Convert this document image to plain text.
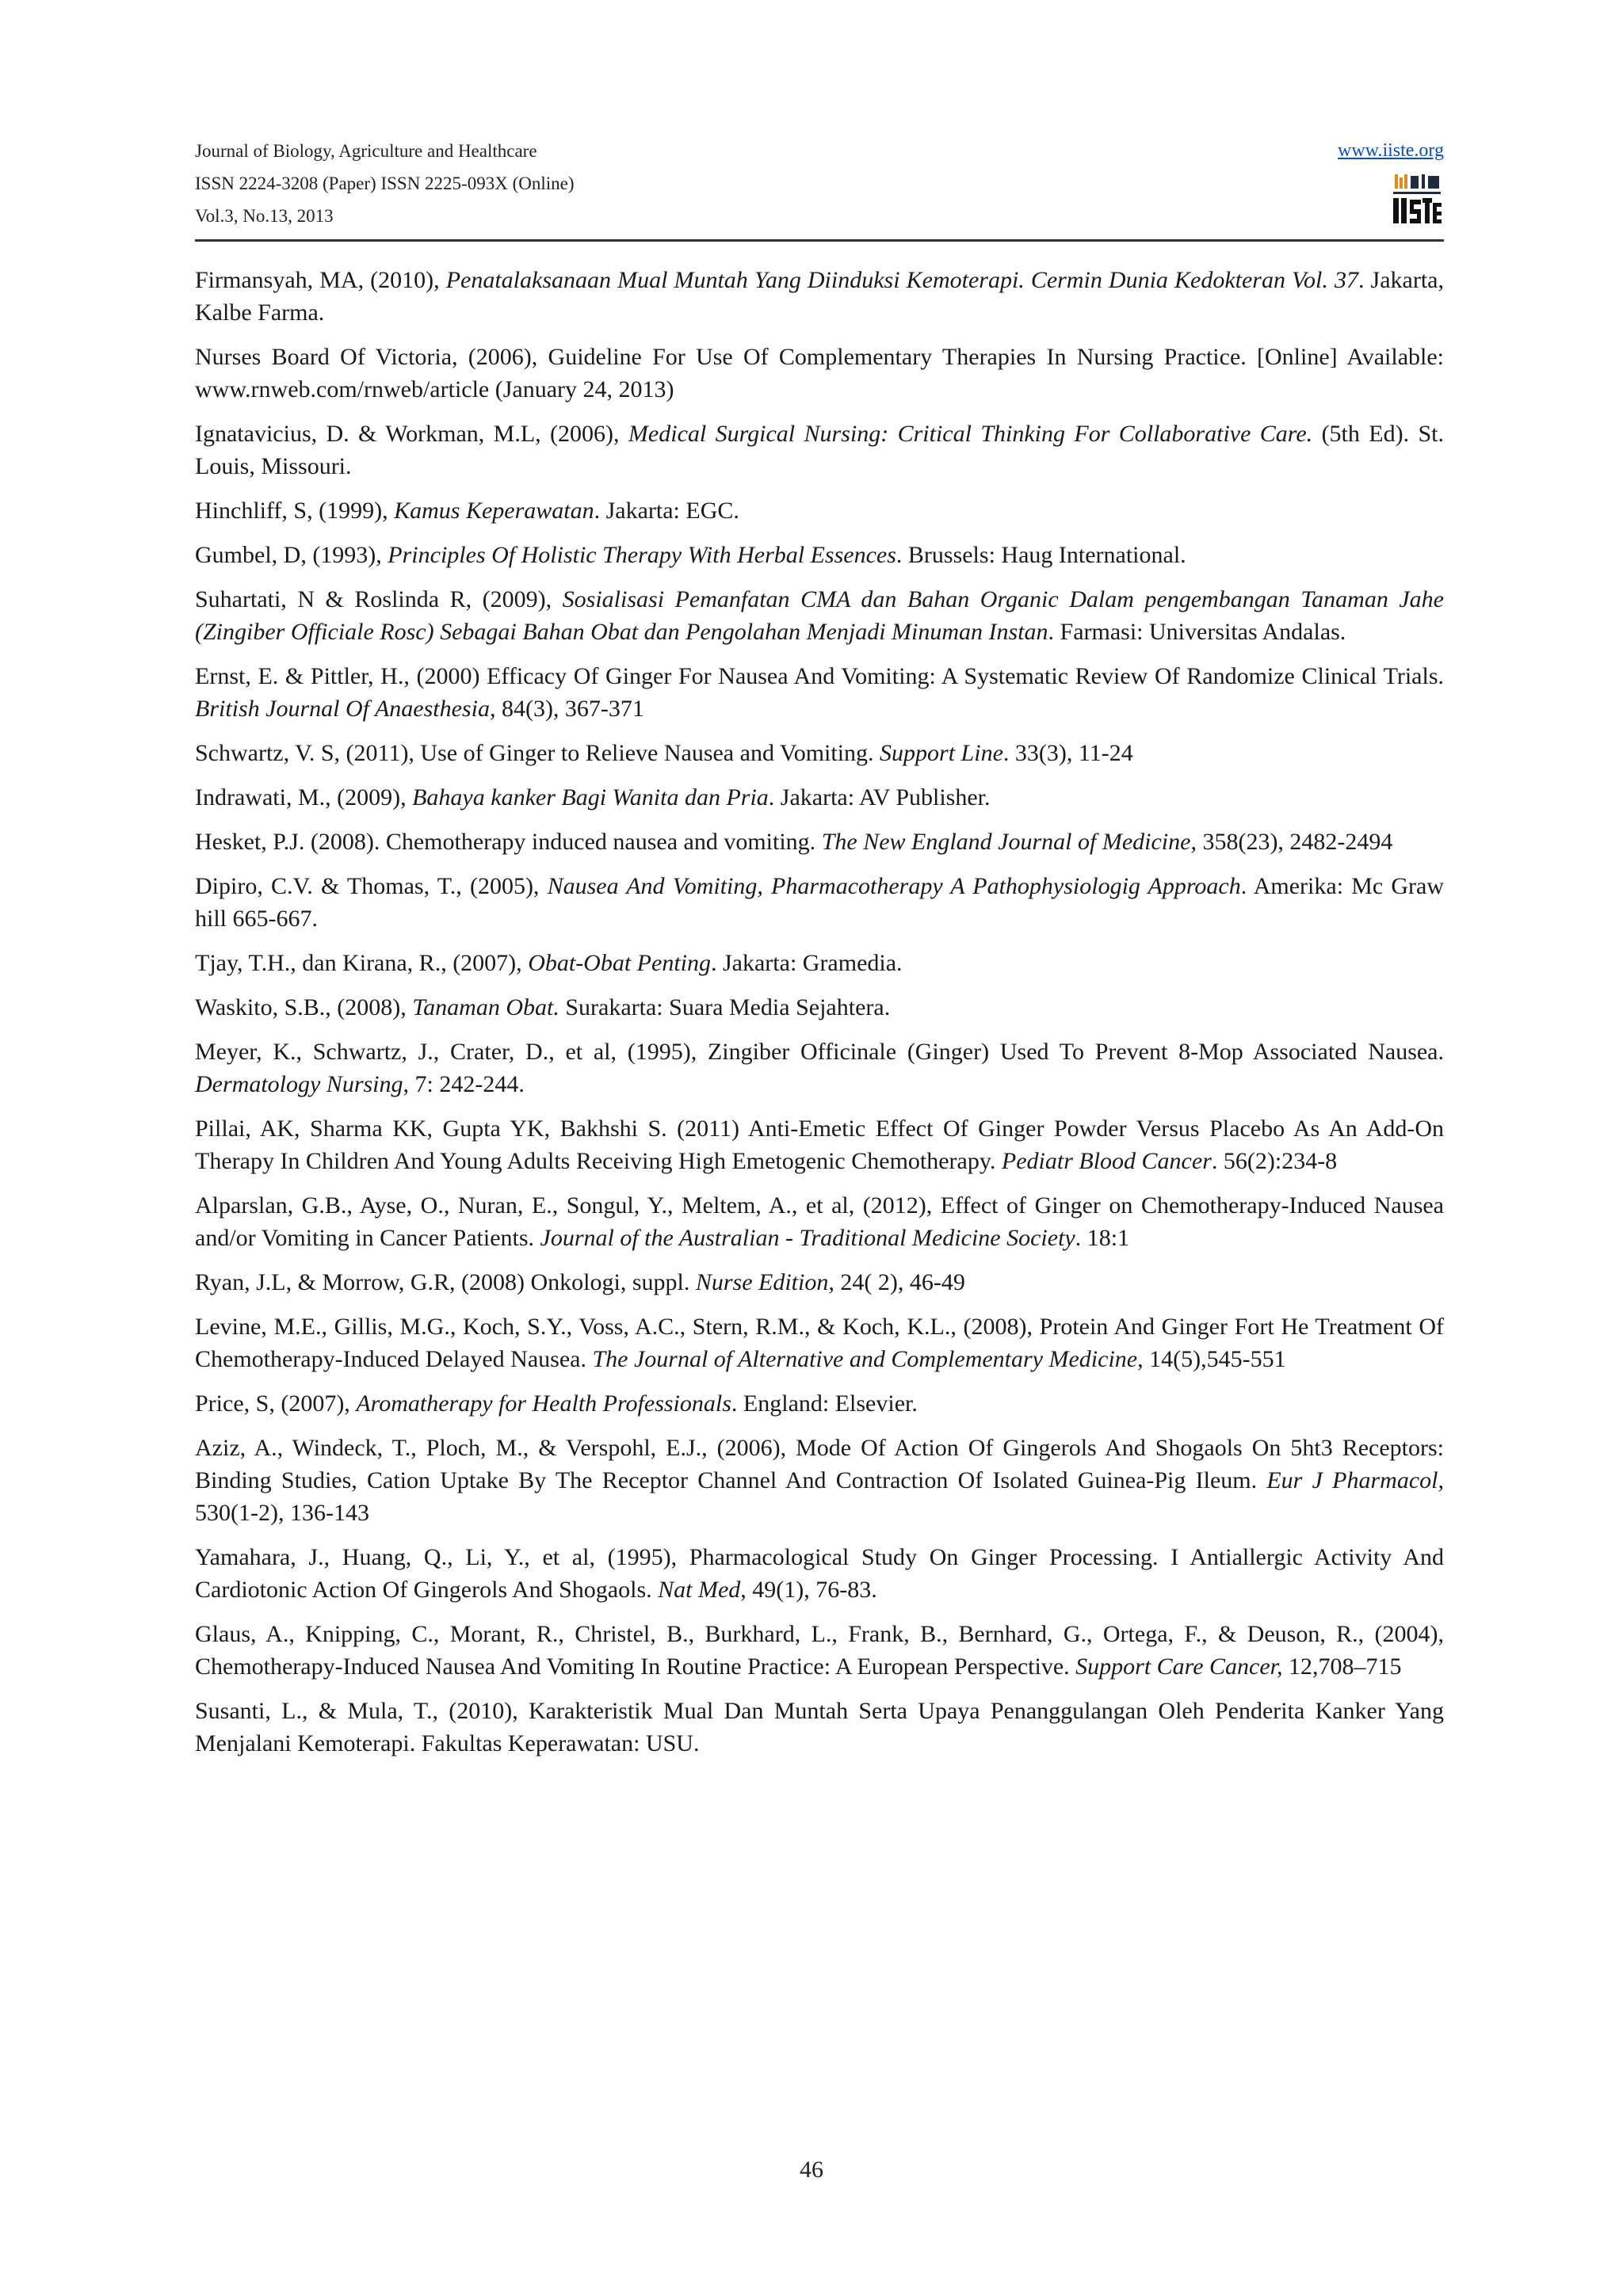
Journal of Biology, Agriculture and Healthcare
ISSN 2224-3208 (Paper) ISSN 2225-093X (Online)
Vol.3, No.13, 2013
www.iiste.org

Firmansyah, MA, (2010), Penatalaksanaan Mual Muntah Yang Diinduksi Kemoterapi. Cermin Dunia Kedokteran Vol. 37. Jakarta, Kalbe Farma.

Nurses Board Of Victoria, (2006), Guideline For Use Of Complementary Therapies In Nursing Practice. [Online] Available: www.rnweb.com/rnweb/article (January 24, 2013)

Ignatavicius, D. & Workman, M.L, (2006), Medical Surgical Nursing: Critical Thinking For Collaborative Care. (5th Ed). St. Louis, Missouri.

Hinchliff, S, (1999), Kamus Keperawatan. Jakarta: EGC.

Gumbel, D, (1993), Principles Of Holistic Therapy With Herbal Essences. Brussels: Haug International.

Suhartati, N & Roslinda R, (2009), Sosialisasi Pemanfatan CMA dan Bahan Organic Dalam pengembangan Tanaman Jahe (Zingiber Officiale Rosc) Sebagai Bahan Obat dan Pengolahan Menjadi Minuman Instan. Farmasi: Universitas Andalas.

Ernst, E. & Pittler, H., (2000) Efficacy Of Ginger For Nausea And Vomiting: A Systematic Review Of Randomize Clinical Trials. British Journal Of Anaesthesia, 84(3), 367-371

Schwartz, V. S, (2011), Use of Ginger to Relieve Nausea and Vomiting. Support Line. 33(3), 11-24

Indrawati, M., (2009), Bahaya kanker Bagi Wanita dan Pria. Jakarta: AV Publisher.

Hesket, P.J. (2008). Chemotherapy induced nausea and vomiting. The New England Journal of Medicine, 358(23), 2482-2494

Dipiro, C.V. & Thomas, T., (2005), Nausea And Vomiting, Pharmacotherapy A Pathophysiologig Approach. Amerika: Mc Graw hill 665-667.

Tjay, T.H., dan Kirana, R., (2007), Obat-Obat Penting. Jakarta: Gramedia.

Waskito, S.B., (2008), Tanaman Obat. Surakarta: Suara Media Sejahtera.

Meyer, K., Schwartz, J., Crater, D., et al, (1995), Zingiber Officinale (Ginger) Used To Prevent 8-Mop Associated Nausea. Dermatology Nursing, 7: 242-244.

Pillai, AK, Sharma KK, Gupta YK, Bakhshi S. (2011) Anti-Emetic Effect Of Ginger Powder Versus Placebo As An Add-On Therapy In Children And Young Adults Receiving High Emetogenic Chemotherapy. Pediatr Blood Cancer. 56(2):234-8

Alparslan, G.B., Ayse, O., Nuran, E., Songul, Y., Meltem, A., et al, (2012), Effect of Ginger on Chemotherapy-Induced Nausea and/or Vomiting in Cancer Patients. Journal of the Australian - Traditional Medicine Society. 18:1

Ryan, J.L, & Morrow, G.R, (2008) Onkologi, suppl. Nurse Edition, 24( 2), 46-49

Levine, M.E., Gillis, M.G., Koch, S.Y., Voss, A.C., Stern, R.M., & Koch, K.L., (2008), Protein And Ginger Fort He Treatment Of Chemotherapy-Induced Delayed Nausea. The Journal of Alternative and Complementary Medicine, 14(5),545-551

Price, S, (2007), Aromatherapy for Health Professionals. England: Elsevier.

Aziz, A., Windeck, T., Ploch, M., & Verspohl, E.J., (2006), Mode Of Action Of Gingerols And Shogaols On 5ht3 Receptors: Binding Studies, Cation Uptake By The Receptor Channel And Contraction Of Isolated Guinea-Pig Ileum. Eur J Pharmacol, 530(1-2), 136-143

Yamahara, J., Huang, Q., Li, Y., et al, (1995), Pharmacological Study On Ginger Processing. I Antiallergic Activity And Cardiotonic Action Of Gingerols And Shogaols. Nat Med, 49(1), 76-83.

Glaus, A., Knipping, C., Morant, R., Christel, B., Burkhard, L., Frank, B., Bernhard, G., Ortega, F., & Deuson, R., (2004), Chemotherapy-Induced Nausea And Vomiting In Routine Practice: A European Perspective. Support Care Cancer, 12,708–715

Susanti, L., & Mula, T., (2010), Karakteristik Mual Dan Muntah Serta Upaya Penanggulangan Oleh Penderita Kanker Yang Menjalani Kemoterapi. Fakultas Keperawatan: USU.

46
